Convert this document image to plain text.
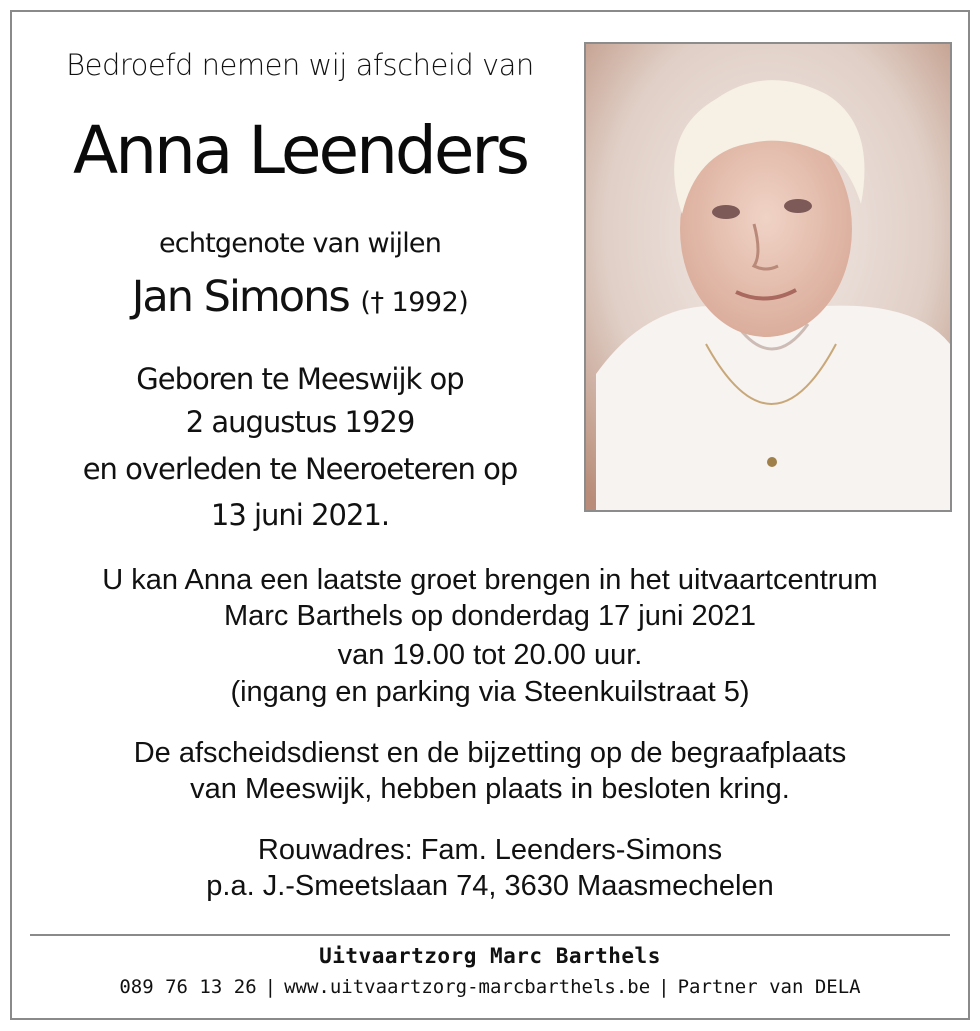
Bedroefd nemen wij afscheid van
Anna Leenders
echtgenote van wijlen
Jan Simons († 1992)
Geboren te Meeswijk op
2 augustus 1929
en overleden te Neeroeteren op
13 juni 2021.
U kan Anna een laatste groet brengen in het uitvaartcentrum
Marc Barthels op donderdag 17 juni 2021
van 19.00 tot 20.00 uur.
(ingang en parking via Steenkuilstraat 5)
De afscheidsdienst en de bijzetting op de begraafplaats
van Meeswijk, hebben plaats in besloten kring.
Rouwadres: Fam. Leenders-Simons
p.a. J.-Smeetslaan 74, 3630 Maasmechelen
Uitvaartzorg Marc Barthels
089 76 13 26 | www.uitvaartzorg-marcbarthels.be | Partner van DELA
